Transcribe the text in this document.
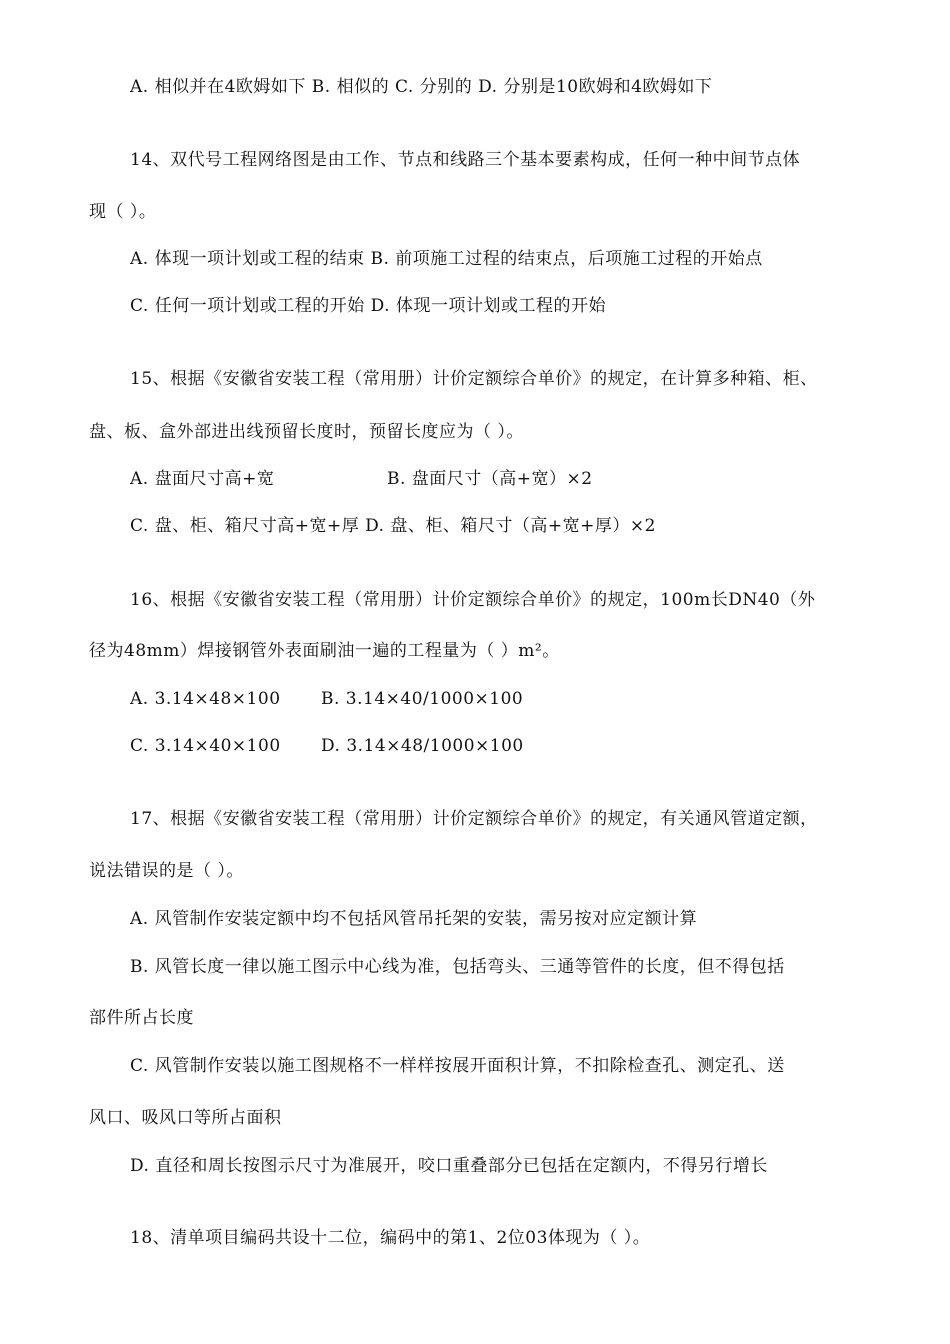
A. 相似并在4欧姆如下 B. 相似的 C. 分别的 D. 分别是10欧姆和4欧姆如下
14、双代号工程网络图是由工作、节点和线路三个基本要素构成，任何一种中间节点体
现（ ）。
A. 体现一项计划或工程的结束 B. 前项施工过程的结束点，后项施工过程的开始点
C. 任何一项计划或工程的开始 D. 体现一项计划或工程的开始
15、根据《安徽省安装工程（常用册）计价定额综合单价》的规定，在计算多种箱、柜、
盘、板、盒外部进出线预留长度时，预留长度应为（ ）。
A. 盘面尺寸高+宽	B. 盘面尺寸（高+宽）×2
C. 盘、柜、箱尺寸高+宽+厚 D. 盘、柜、箱尺寸（高+宽+厚）×2
16、根据《安徽省安装工程（常用册）计价定额综合单价》的规定，100m长DN40（外
径为48mm）焊接钢管外表面刷油一遍的工程量为（ ）m²。
A. 3.14×48×100 B. 3.14×40/1000×100
C. 3.14×40×100 D. 3.14×48/1000×100
17、根据《安徽省安装工程（常用册）计价定额综合单价》的规定，有关通风管道定额，
说法错误的是（ ）。
A. 风管制作安装定额中均不包括风管吊托架的安装，需另按对应定额计算
B. 风管长度一律以施工图示中心线为准，包括弯头、三通等管件的长度，但不得包括
部件所占长度
C. 风管制作安装以施工图规格不一样样按展开面积计算，不扣除检查孔、测定孔、送
风口、吸风口等所占面积
D. 直径和周长按图示尺寸为准展开，咬口重叠部分已包括在定额内，不得另行增长
18、清单项目编码共设十二位，编码中的第1、2位03体现为（ ）。
